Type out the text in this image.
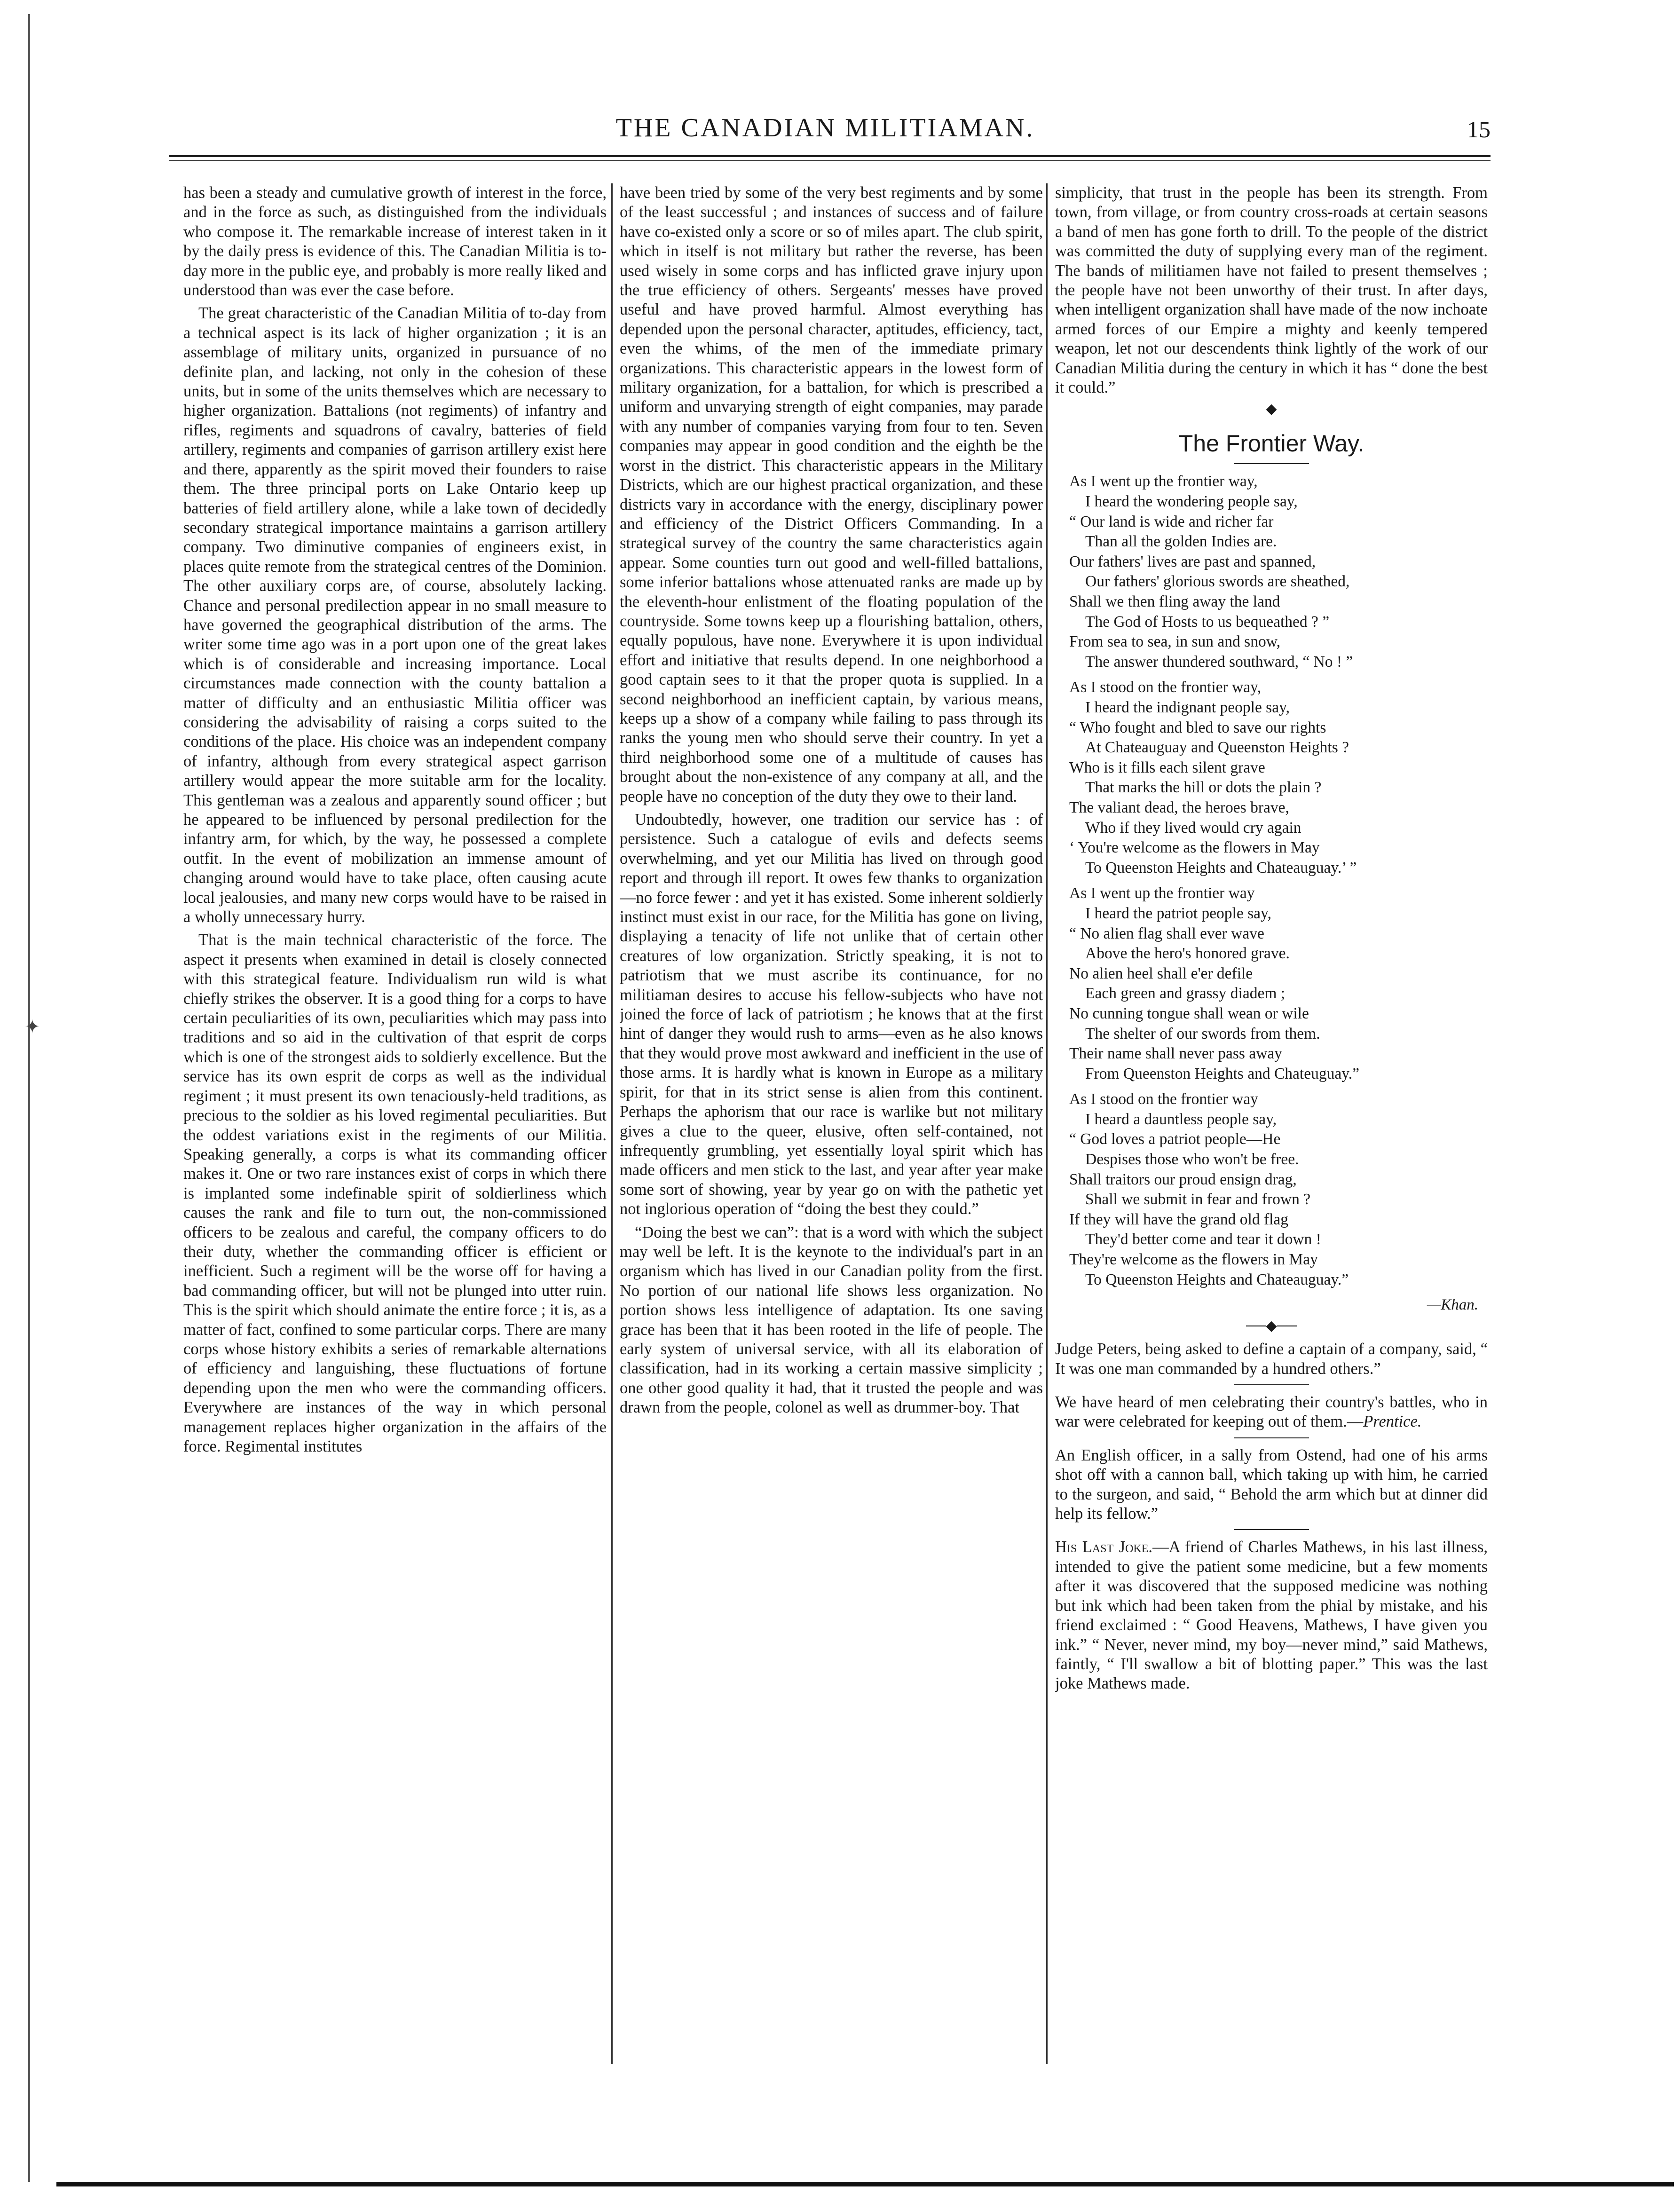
✦
THE CANADIAN MILITIAMAN.	15

has been a steady and cumulative growth of interest in the force, and in the force as such, as distinguished from the individuals who compose it. The remarkable increase of interest taken in it by the daily press is evidence of this. The Canadian Militia is to-day more in the public eye, and probably is more really liked and understood than was ever the case before.

The great characteristic of the Canadian Militia of to-day from a technical aspect is its lack of higher organization ; it is an assemblage of military units, organized in pursuance of no definite plan, and lacking, not only in the cohesion of these units, but in some of the units themselves which are necessary to higher organization. Battalions (not regiments) of infantry and rifles, regiments and squadrons of cavalry, batteries of field artillery, regiments and companies of garrison artillery exist here and there, apparently as the spirit moved their founders to raise them. The three principal ports on Lake Ontario keep up batteries of field artillery alone, while a lake town of decidedly secondary strategical importance maintains a garrison artillery company. Two diminutive companies of engineers exist, in places quite remote from the strategical centres of the Dominion. The other auxiliary corps are, of course, absolutely lacking. Chance and personal predilection appear in no small measure to have governed the geographical distribution of the arms. The writer some time ago was in a port upon one of the great lakes which is of considerable and increasing importance. Local circumstances made connection with the county battalion a matter of difficulty and an enthusiastic Militia officer was considering the advisability of raising a corps suited to the conditions of the place. His choice was an independent company of infantry, although from every strategical aspect garrison artillery would appear the more suitable arm for the locality. This gentleman was a zealous and apparently sound officer ; but he appeared to be influenced by personal predilection for the infantry arm, for which, by the way, he possessed a complete outfit. In the event of mobilization an immense amount of changing around would have to take place, often causing acute local jealousies, and many new corps would have to be raised in a wholly unnecessary hurry.

That is the main technical characteristic of the force. The aspect it presents when examined in detail is closely connected with this strategical feature. Individualism run wild is what chiefly strikes the observer. It is a good thing for a corps to have certain peculiarities of its own, peculiarities which may pass into traditions and so aid in the cultivation of that esprit de corps which is one of the strongest aids to soldierly excellence. But the service has its own esprit de corps as well as the individual regiment ; it must present its own tenaciously-held traditions, as precious to the soldier as his loved regimental peculiarities. But the oddest variations exist in the regiments of our Militia. Speaking generally, a corps is what its commanding officer makes it. One or two rare instances exist of corps in which there is implanted some indefinable spirit of soldierliness which causes the rank and file to turn out, the non-commissioned officers to be zealous and careful, the company officers to do their duty, whether the commanding officer is efficient or inefficient. Such a regiment will be the worse off for having a bad commanding officer, but will not be plunged into utter ruin. This is the spirit which should animate the entire force ; it is, as a matter of fact, confined to some particular corps. There are many corps whose history exhibits a series of remarkable alternations of efficiency and languishing, these fluctuations of fortune depending upon the men who were the commanding officers. Everywhere are instances of the way in which personal management replaces higher organization in the affairs of the force. Regimental institutes

have been tried by some of the very best regiments and by some of the least successful ; and instances of success and of failure have co-existed only a score or so of miles apart. The club spirit, which in itself is not military but rather the reverse, has been used wisely in some corps and has inflicted grave injury upon the true efficiency of others. Sergeants' messes have proved useful and have proved harmful. Almost everything has depended upon the personal character, aptitudes, efficiency, tact, even the whims, of the men of the immediate primary organizations. This characteristic appears in the lowest form of military organization, for a battalion, for which is prescribed a uniform and unvarying strength of eight companies, may parade with any number of companies varying from four to ten. Seven companies may appear in good condition and the eighth be the worst in the district. This characteristic appears in the Military Districts, which are our highest practical organization, and these districts vary in accordance with the energy, disciplinary power and efficiency of the District Officers Commanding. In a strategical survey of the country the same characteristics again appear. Some counties turn out good and well-filled battalions, some inferior battalions whose attenuated ranks are made up by the eleventh-hour enlistment of the floating population of the countryside. Some towns keep up a flourishing battalion, others, equally populous, have none. Everywhere it is upon individual effort and initiative that results depend. In one neighborhood a good captain sees to it that the proper quota is supplied. In a second neighborhood an inefficient captain, by various means, keeps up a show of a company while failing to pass through its ranks the young men who should serve their country. In yet a third neighborhood some one of a multitude of causes has brought about the non-existence of any company at all, and the people have no conception of the duty they owe to their land.

Undoubtedly, however, one tradition our service has : of persistence. Such a catalogue of evils and defects seems overwhelming, and yet our Militia has lived on through good report and through ill report. It owes few thanks to organization—no force fewer : and yet it has existed. Some inherent soldierly instinct must exist in our race, for the Militia has gone on living, displaying a tenacity of life not unlike that of certain other creatures of low organization. Strictly speaking, it is not to patriotism that we must ascribe its continuance, for no militiaman desires to accuse his fellow-subjects who have not joined the force of lack of patriotism ; he knows that at the first hint of danger they would rush to arms—even as he also knows that they would prove most awkward and inefficient in the use of those arms. It is hardly what is known in Europe as a military spirit, for that in its strict sense is alien from this continent. Perhaps the aphorism that our race is warlike but not military gives a clue to the queer, elusive, often self-contained, not infrequently grumbling, yet essentially loyal spirit which has made officers and men stick to the last, and year after year make some sort of showing, year by year go on with the pathetic yet not inglorious operation of “doing the best they could.”

“Doing the best we can”: that is a word with which the subject may well be left. It is the keynote to the individual's part in an organism which has lived in our Canadian polity from the first. No portion of our national life shows less organization. No portion shows less intelligence of adaptation. Its one saving grace has been that it has been rooted in the life of people. The early system of universal service, with all its elaboration of classification, had in its working a certain massive simplicity ; one other good quality it had, that it trusted the people and was drawn from the people, colonel as well as drummer-boy. That

simplicity, that trust in the people has been its strength. From town, from village, or from country cross-roads at certain seasons a band of men has gone forth to drill. To the people of the district was committed the duty of supplying every man of the regiment. The bands of militiamen have not failed to present themselves ; the people have not been unworthy of their trust. In after days, when intelligent organization shall have made of the now inchoate armed forces of our Empire a mighty and keenly tempered weapon, let not our descendents think lightly of the work of our Canadian Militia during the century in which it has “ done the best it could.”

◆
The Frontier Way.
As I went up the frontier way,
I heard the wondering people say,
“ Our land is wide and richer far
Than all the golden Indies are.
Our fathers' lives are past and spanned,
Our fathers' glorious swords are sheathed,
Shall we then fling away the land
The God of Hosts to us bequeathed ? ”
From sea to sea, in sun and snow,
The answer thundered southward, “ No ! ”
As I stood on the frontier way,
I heard the indignant people say,
“ Who fought and bled to save our rights
At Chateauguay and Queenston Heights ?
Who is it fills each silent grave
That marks the hill or dots the plain ?
The valiant dead, the heroes brave,
Who if they lived would cry again
‘ You're welcome as the flowers in May
To Queenston Heights and Chateauguay.’ ”
As I went up the frontier way
I heard the patriot people say,
“ No alien flag shall ever wave
Above the hero's honored grave.
No alien heel shall e'er defile
Each green and grassy diadem ;
No cunning tongue shall wean or wile
The shelter of our swords from them.
Their name shall never pass away
From Queenston Heights and Chateuguay.”
As I stood on the frontier way
I heard a dauntless people say,
“ God loves a patriot people—He
Despises those who won't be free.
Shall traitors our proud ensign drag,
Shall we submit in fear and frown ?
If they will have the grand old flag
They'd better come and tear it down !
They're welcome as the flowers in May
To Queenston Heights and Chateauguay.”
—Khan.
──◆──

Judge Peters, being asked to define a captain of a company, said, “ It was one man commanded by a hundred others.”

We have heard of men celebrating their country's battles, who in war were celebrated for keeping out of them.—Prentice.

An English officer, in a sally from Ostend, had one of his arms shot off with a cannon ball, which taking up with him, he carried to the surgeon, and said, “ Behold the arm which but at dinner did help its fellow.”

His Last Joke.—A friend of Charles Mathews, in his last illness, intended to give the patient some medicine, but a few moments after it was discovered that the supposed medicine was nothing but ink which had been taken from the phial by mistake, and his friend exclaimed : “ Good Heavens, Mathews, I have given you ink.” “ Never, never mind, my boy—never mind,” said Mathews, faintly, “ I'll swallow a bit of blotting paper.” This was the last joke Mathews made.
